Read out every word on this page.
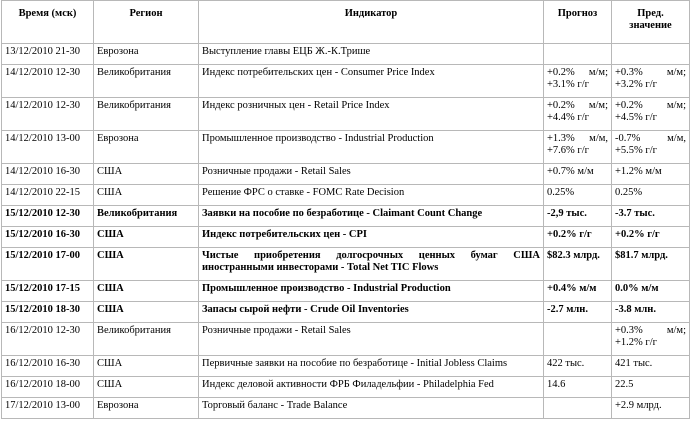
Время (мск)	Регион	Индикатор	Прогноз	Пред. значение
13/12/2010 21-30	Еврозона	Выступление главы ЕЦБ Ж.-К.Трише	

14/12/2010 12-30	Великобритания	Индекс потребительских цен - Consumer Price Index	+0.2% м/м;
+3.1% г/г	+0.3% м/м;
+3.2% г/г

14/12/2010 12-30	Великобритания	Индекс розничных цен - Retail Price Index	+0.2% м/м;
+4.4% г/г	+0.2% м/м;
+4.5% г/г

14/12/2010 13-00	Еврозона	Промышленное производство - Industrial Production	+1.3% м/м,
+7.6% г/г	-0.7% м/м,
+5.5% г/г

14/12/2010 16-30	США	Розничные продажи - Retail Sales	+0.7% м/м	+1.2% м/м

14/12/2010 22-15	США	Решение ФРС о ставке - FOMC Rate Decision	0.25%	0.25%

15/12/2010 12-30	Великобритания	Заявки на пособие по безработице - Claimant Count Change	-2,9 тыс.	-3.7 тыс.

15/12/2010 16-30	США	Индекс потребительских цен - CPI	+0.2% г/г	+0.2% г/г

15/12/2010 17-00	США	Чистые приобретения долгосрочных ценных бумаг США иностранными инвесторами - Total Net TIC Flows	$82.3 млрд.	$81.7 млрд.

15/12/2010 17-15	США	Промышленное производство - Industrial Production	+0.4% м/м	0.0% м/м

15/12/2010 18-30	США	Запасы сырой нефти - Crude Oil Inventories	-2.7 млн.	-3.8 млн.

16/12/2010 12-30	Великобритания	Розничные продажи - Retail Sales		+0.3% м/м;
+1.2% г/г

16/12/2010 16-30	США	Первичные заявки на пособие по безработице - Initial Jobless Claims	422 тыс.	421 тыс.

16/12/2010 18-00	США	Индекс деловой активности ФРБ Филадельфии - Philadelphia Fed	14.6	22.5

17/12/2010 13-00	Еврозона	Торговый баланс - Trade Balance		+2.9 млрд.
